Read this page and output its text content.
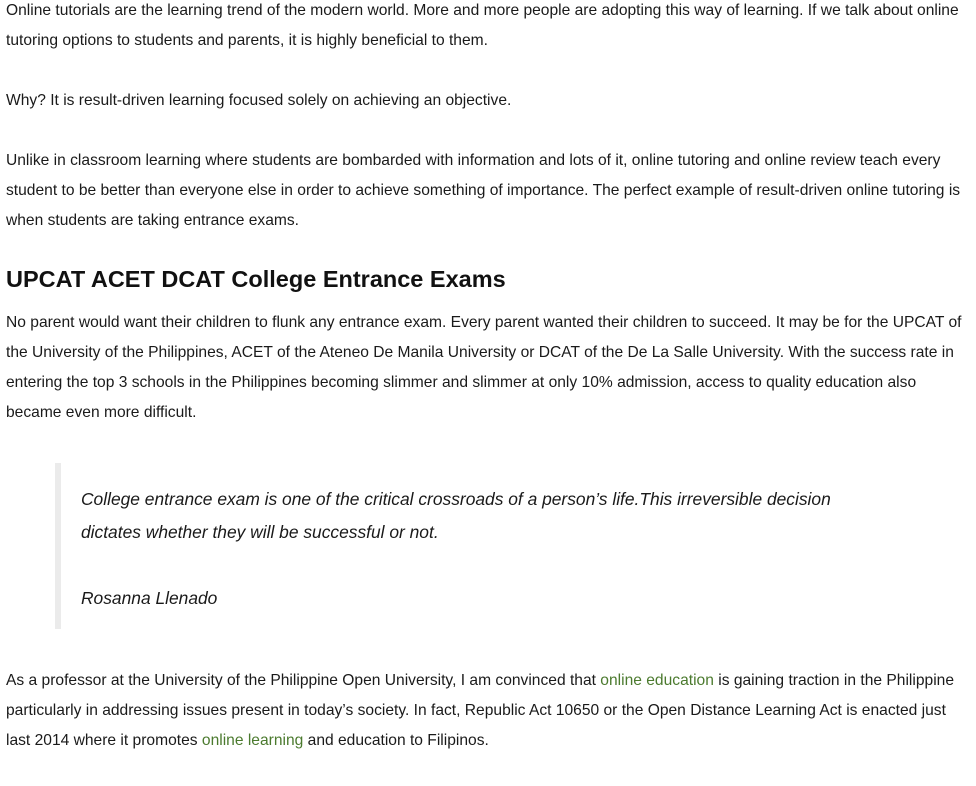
Online tutorials are the learning trend of the modern world. More and more people are adopting this way of learning. If we talk about online tutoring options to students and parents, it is highly beneficial to them.

Why? It is result-driven learning focused solely on achieving an objective.

Unlike in classroom learning where students are bombarded with information and lots of it, online tutoring and online review teach every student to be better than everyone else in order to achieve something of importance. The perfect example of result-driven online tutoring is when students are taking entrance exams.

UPCAT ACET DCAT College Entrance Exams

No parent would want their children to flunk any entrance exam. Every parent wanted their children to succeed. It may be for the UPCAT of the University of the Philippines, ACET of the Ateneo De Manila University or DCAT of the De La Salle University. With the success rate in entering the top 3 schools in the Philippines becoming slimmer and slimmer at only 10% admission, access to quality education also became even more difficult.

College entrance exam is one of the critical crossroads of a person’s life.This irreversible decision dictates whether they will be successful or not.

Rosanna Llenado

As a professor at the University of the Philippine Open University, I am convinced that online education is gaining traction in the Philippine particularly in addressing issues present in today’s society. In fact, Republic Act 10650 or the Open Distance Learning Act is enacted just last 2014 where it promotes online learning and education to Filipinos.
